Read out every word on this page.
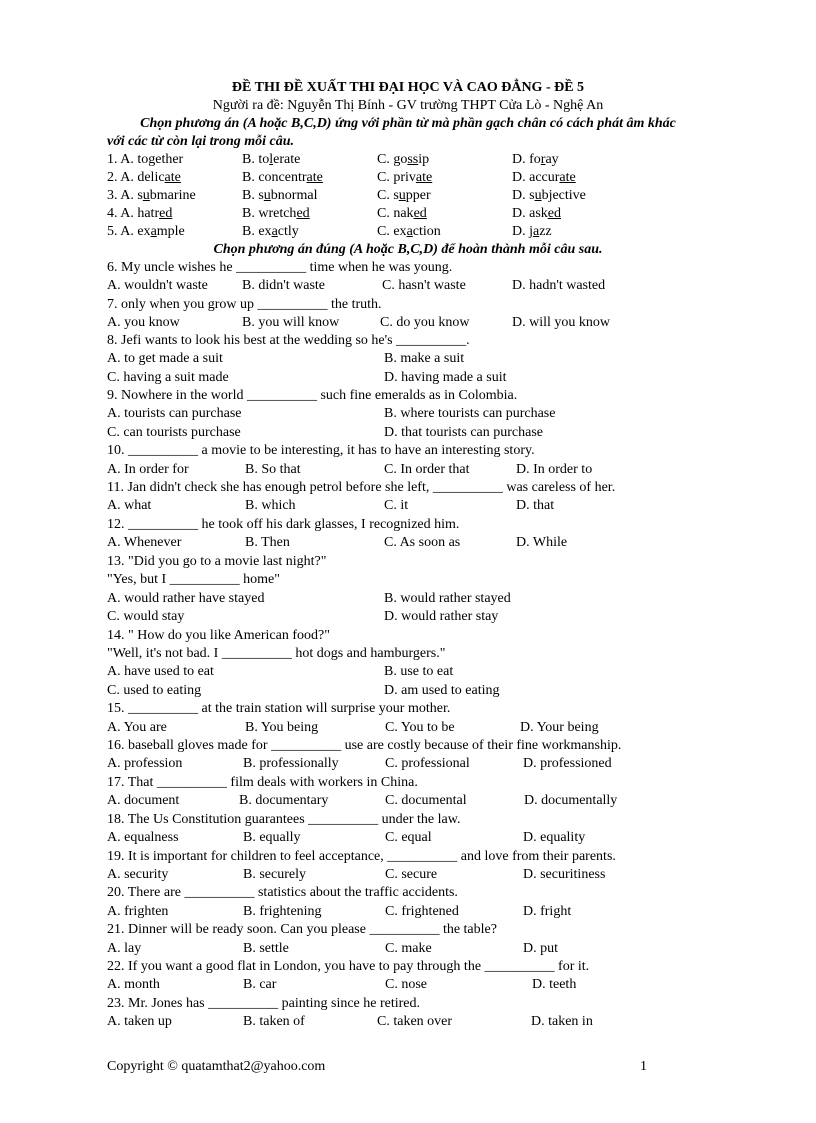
ĐỀ THI ĐỀ XUẤT THI ĐẠI HỌC VÀ CAO ĐẲNG - ĐỀ 5
Người ra đề: Nguyễn Thị Bính - GV trường THPT Cửa Lò - Nghệ An
Chọn phương án (A hoặc B,C,D) ứng với phần từ mà phần gạch chân có cách phát âm khác
với các từ còn lại trong mỗi câu.
1. A. together	B. tolerate	C. gossip	D. foray
2. A. delicate	B. concentrate	C. private	D. accurate
3. A. submarine	B. subnormal	C. supper	D. subjective
4. A. hatred	B. wretched	C. naked	D. asked
5. A. example	B. exactly	C. exaction	D. jazz
Chọn phương án đúng (A hoặc B,C,D) để hoàn thành mỗi câu sau.
6. My uncle wishes he __________ time when he was young.
A. wouldn't waste B. didn't waste	C. hasn't waste	D. hadn't wasted
7. only when you grow up __________ the truth.
A. you know	B. you will know	C. do you know	D. will you know
8. Jefi wants to look his best at the wedding so he's __________.
A. to get made a suit	B. make a suit
C. having a suit made	D. having made a suit
9. Nowhere in the world __________ such fine emeralds as in Colombia.
A. tourists can purchase	B. where tourists can purchase
C. can tourists purchase	D. that tourists can purchase
10. __________ a movie to be interesting, it has to have an interesting story.
A. In order for	B. So that	C. In order that	D. In order to
11. Jan didn't check she has enough petrol before she left, __________ was careless of her.
A. what	B. which	C. it	D. that
12. __________ he took off his dark glasses, I recognized him.
A. Whenever	B. Then	C. As soon as	D. While
13. "Did you go to a movie last night?"
"Yes, but I __________ home"
A. would rather have stayed	B. would rather stayed
C. would stay	D. would rather stay
14. " How do you like American food?"
"Well, it's not bad. I __________ hot dogs and hamburgers."
A. have used to eat	B. use to eat
C. used to eating	D. am used to eating
15. __________ at the train station will surprise your mother.
A. You are	B. You being	C. You to be	D. Your being
16. baseball gloves made for __________ use are costly because of their fine workmanship.
A. profession	B. professionally	C. professional	D. professioned
17. That __________ film deals with workers in China.
A. document	B. documentary	C. documental	D. documentally
18. The Us Constitution guarantees __________ under the law.
A. equalness	B. equally	C. equal	D. equality
19. It is important for children to feel acceptance, __________ and love from their parents.
A. security	B. securely	C. secure	D. securitiness
20. There are __________ statistics about the traffic accidents.
A. frighten	B. frightening	C. frightened	D. fright
21. Dinner will be ready soon. Can you please __________ the table?
A. lay	B. settle	C. make	D. put
22. If you want a good flat in London, you have to pay through the __________ for it.
A. month	B. car	C. nose	D. teeth
23. Mr. Jones has __________ painting since he retired.
A. taken up	B. taken of	C. taken over	D. taken in
Copyright © quatamthat2@yahoo.com	1
